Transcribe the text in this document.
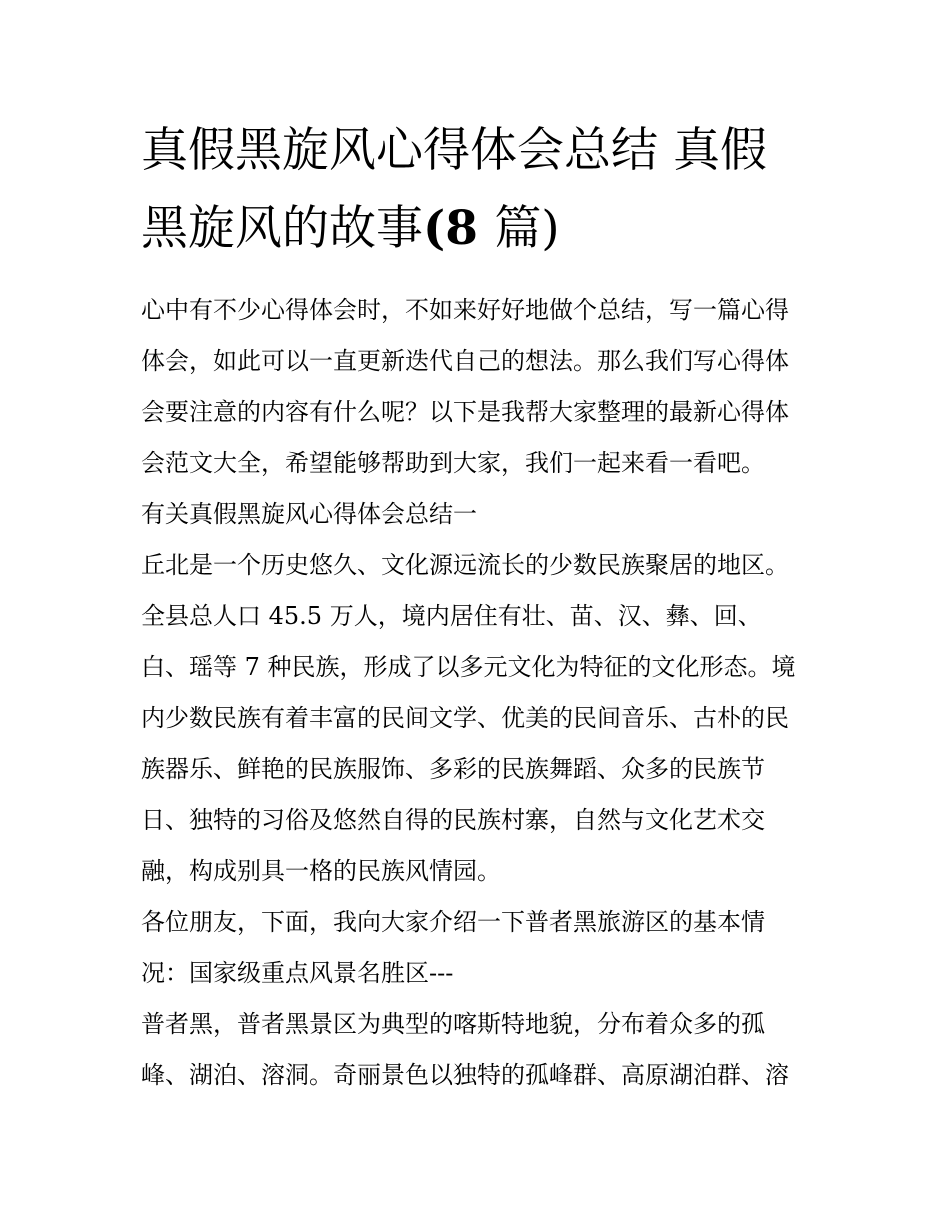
真假黑旋风心得体会总结 真假
黑旋风的故事(8 篇)
心中有不少心得体会时，不如来好好地做个总结，写一篇心得
体会，如此可以一直更新迭代自己的想法。那么我们写心得体
会要注意的内容有什么呢？以下是我帮大家整理的最新心得体
会范文大全，希望能够帮助到大家，我们一起来看一看吧。
有关真假黑旋风心得体会总结一
丘北是一个历史悠久、文化源远流长的少数民族聚居的地区。
全县总人口 45.5 万人，境内居住有壮、苗、汉、彝、回、
白、瑶等 7 种民族，形成了以多元文化为特征的文化形态。境
内少数民族有着丰富的民间文学、优美的民间音乐、古朴的民
族器乐、鲜艳的民族服饰、多彩的民族舞蹈、众多的民族节
日、独特的习俗及悠然自得的民族村寨，自然与文化艺术交
融，构成别具一格的民族风情园。
各位朋友，下面，我向大家介绍一下普者黑旅游区的基本情
况：国家级重点风景名胜区---
普者黑，普者黑景区为典型的喀斯特地貌，分布着众多的孤
峰、湖泊、溶洞。奇丽景色以独特的孤峰群、高原湖泊群、溶
